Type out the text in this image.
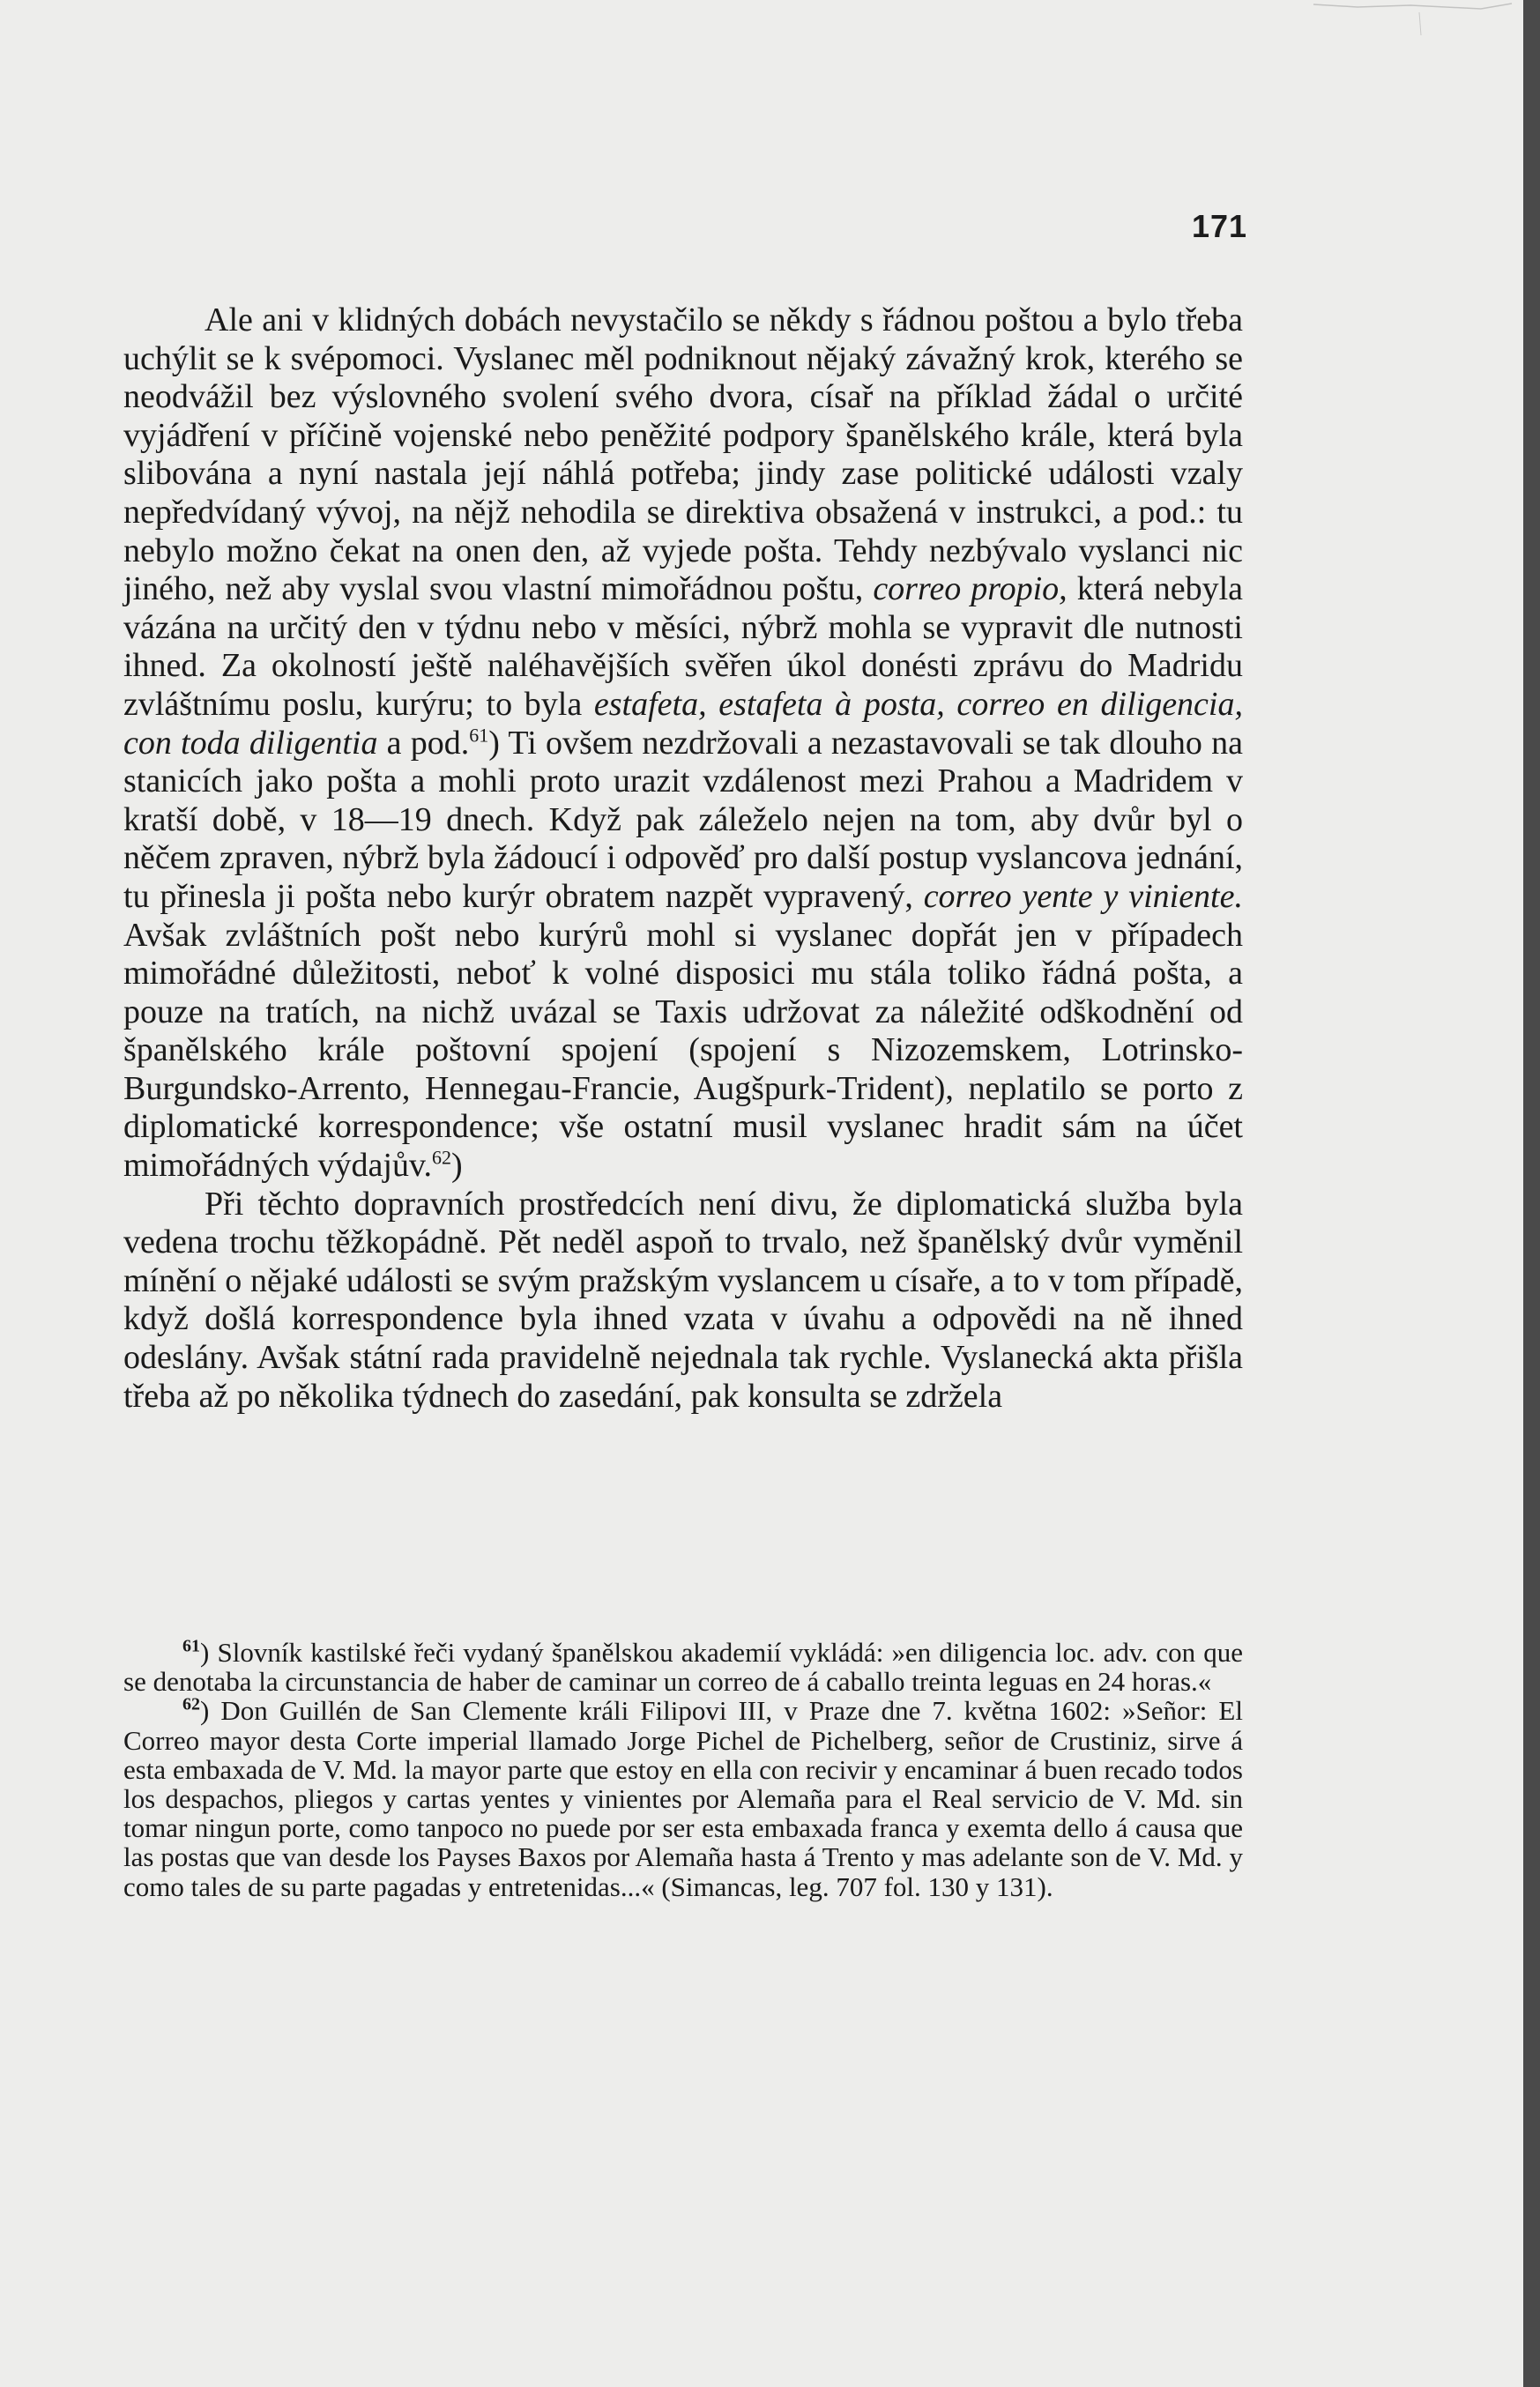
171

Ale ani v klidných dobách nevystačilo se někdy s řádnou poštou a bylo třeba uchýlit se k svépomoci. Vyslanec měl podniknout nějaký závažný krok, kterého se neodvážil bez výslovného svolení svého dvora, císař na příklad žádal o určité vyjádření v příčině vojenské nebo peněžité podpory španělského krále, která byla slibována a nyní nastala její náhlá potřeba; jindy zase politické události vzaly nepředvídaný vývoj, na nějž nehodila se direktiva obsažená v instrukci, a pod.: tu nebylo možno čekat na onen den, až vyjede pošta. Tehdy nezbývalo vyslanci nic jiného, než aby vyslal svou vlastní mimořádnou poštu, correo propio, která nebyla vázána na určitý den v týdnu nebo v měsíci, nýbrž mohla se vypravit dle nutnosti ihned. Za okolností ještě naléhavějších svěřen úkol donésti zprávu do Madridu zvláštnímu poslu, kurýru; to byla estafeta, estafeta à posta, correo en diligencia, con toda diligentia a pod.$^{61}$) Ti ovšem nezdržovali a nezastavovali se tak dlouho na stanicích jako pošta a mohli proto urazit vzdálenost mezi Prahou a Madridem v kratší době, v 18—19 dnech. Když pak záleželo nejen na tom, aby dvůr byl o něčem zpraven, nýbrž byla žádoucí i odpověď pro další postup vyslancova jednání, tu přinesla ji pošta nebo kurýr obratem nazpět vypravený, correo yente y viniente. Avšak zvláštních pošt nebo kurýrů mohl si vyslanec dopřát jen v případech mimořádné důležitosti, neboť k volné disposici mu stála toliko řádná pošta, a pouze na tratích, na nichž uvázal se Taxis udržovat za náležité odškodnění od španělského krále poštovní spojení (spojení s Nizozemskem, Lotrinsko-Burgundsko-Arrento, Hennegau-Francie, Augšpurk-Trident), neplatilo se porto z diplomatické korrespondence; vše ostatní musil vyslanec hradit sám na účet mimořádných výdajův.$^{62}$)

Při těchto dopravních prostředcích není divu, že diplomatická služba byla vedena trochu těžkopádně. Pět neděl aspoň to trvalo, než španělský dvůr vyměnil mínění o nějaké události se svým pražským vyslancem u císaře, a to v tom případě, když došlá korrespondence byla ihned vzata v úvahu a odpovědi na ně ihned odeslány. Avšak státní rada pravidelně nejednala tak rychle. Vyslanecká akta přišla třeba až po několika týdnech do zasedání, pak konsulta se zdržela

$^{61}$) Slovník kastilské řeči vydaný španělskou akademií vykládá: »en diligencia loc. adv. con que se denotaba la circunstancia de haber de caminar un correo de á caballo treinta leguas en 24 horas.«

$^{62}$) Don Guillén de San Clemente králi Filipovi III, v Praze dne 7. května 1602: »Señor: El Correo mayor desta Corte imperial llamado Jorge Pichel de Pichelberg, señor de Crustiniz, sirve á esta embaxada de V. Md. la mayor parte que estoy en ella con recivir y encaminar á buen recado todos los despachos, pliegos y cartas yentes y vinientes por Alemaña para el Real servicio de V. Md. sin tomar ningun porte, como tanpoco no puede por ser esta embaxada franca y exemta dello á causa que las postas que van desde los Payses Baxos por Alemaña hasta á Trento y mas adelante son de V. Md. y como tales de su parte pagadas y entretenidas...« (Simancas, leg. 707 fol. 130 y 131).
